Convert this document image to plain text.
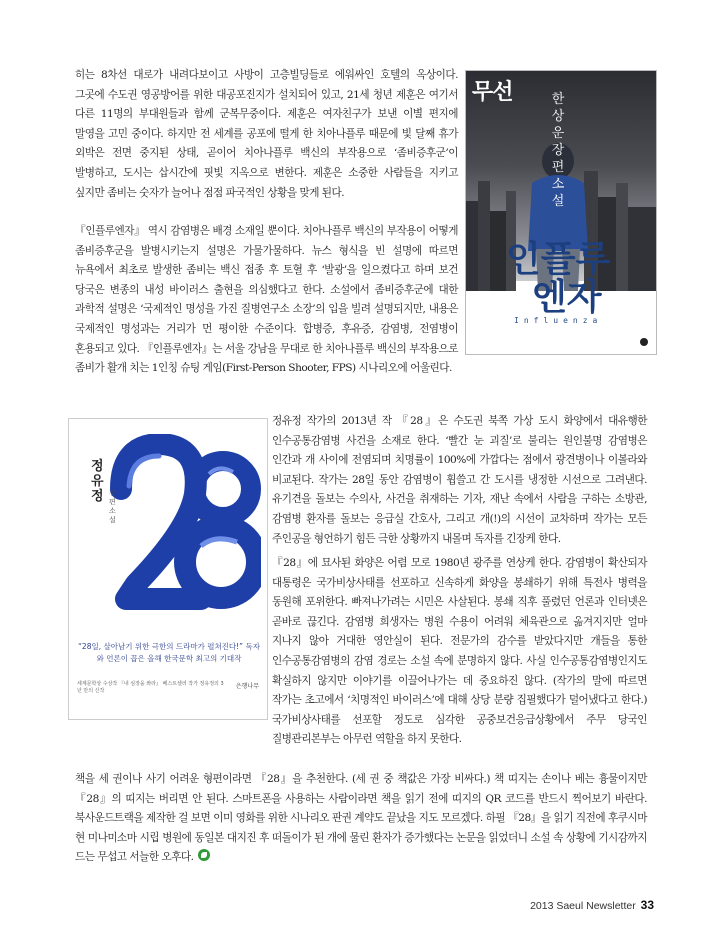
히는 8차선 대로가 내려다보이고 사방이 고층빌딩들로 에워싸인 호텔의 옥상이다. 그곳에 수도권 영공방어를 위한 대공포진지가 설치되어 있고, 21세 청년 제훈은 여기서 다른 11명의 부대원들과 함께 군복무중이다. 제훈은 여자친구가 보낸 이별 편지에 말영을 고민 중이다. 하지만 전 세계를 공포에 떨게 한 치아나플루 때문에 빛 달째 휴가 외박은 전면 중지된 상태, 곧이어 치아나플루 백신의 부작용으로 ‘좀비증후군’이 발병하고, 도시는 삽시간에 핏빛 지옥으로 변한다. 제훈은 소중한 사람들을 지키고 싶지만 좀비는 숫자가 늘어나 점점 파국적인 상황을 맞게 된다.

『인플루엔자』 역시 감염병은 배경 소재일 뿐이다. 치아나플루 백신의 부작용이 어떻게 좀비증후군을 발병시키는지 설명은 가물가물하다. 뉴스 형식을 빈 설명에 따르면 뉴욕에서 최초로 발생한 좀비는 백신 접종 후 토혈 후 ‘발광’을 일으켰다고 하며 보건 당국은 변종의 내성 바이러스 출현을 의심했다고 한다. 소설에서 좀비증후군에 대한 과학적 설명은 ‘국제적인 명성을 가진 질병연구소 소장’의 입을 빌려 설명되지만, 내용은 국제적인 명성과는 거리가 먼 평이한 수준이다. 합병증, 후유증, 감염병, 전염병이 혼용되고 있다. 『인플루엔자』는 서울 강남을 무대로 한 치아나플루 백신의 부작용으로 좀비가 활개 치는 1인칭 슈팅 게임(First-Person Shooter, FPS) 시나리오에 어울린다.

정유정 작가의 2013년 작 『28』은 수도권 북쪽 가상 도시 화양에서 대유행한 인수공통감염병 사건을 소재로 한다. ‘빨간 눈 괴질’로 불리는 원인불명 감염병은 인간과 개 사이에 전염되며 치명률이 100%에 가깝다는 점에서 광견병이나 이볼라와 비교된다. 작가는 28일 동안 감염병이 휩쓸고 간 도시를 냉정한 시선으로 그려낸다. 유기견을 돌보는 수의사, 사건을 취재하는 기자, 재난 속에서 사람을 구하는 소방관, 감염병 환자를 돌보는 응급실 간호사, 그리고 개(!)의 시선이 교차하며 작가는 모든 주인공을 형언하기 힘든 극한 상황까지 내몰며 독자를 긴장케 한다.

『28』에 묘사된 화양은 어렴 모로 1980년 광주를 연상케 한다. 감염병이 확산되자 대통령은 국가비상사태를 선포하고 신속하게 화양을 봉쇄하기 위해 특전사 병력을 동원해 포위한다. 빠져나가려는 시민은 사살된다. 봉쇄 직후 풀렸던 언론과 인터넷은 곧바로 끊긴다. 감염병 희생자는 병원 수용이 어려워 체육관으로 옮겨지지만 얼마 지나지 않아 거대한 영안실이 된다. 전문가의 감수를 받았다지만 개들을 통한 인수공통감염병의 감염 경로는 소설 속에 분명하지 않다. 사실 인수공통감염병인지도 확실하지 않지만 이야기를 이끌어나가는 데 중요하진 않다. (작가의 말에 따르면 작가는 초고에서 ‘치명적인 바이러스’에 대해 상당 분량 집필했다가 덜어냈다고 한다.) 국가비상사태를 선포할 정도로 심각한 공중보건응급상황에서 주무 당국인 질병관리본부는 아무런 역할을 하지 못한다.

책을 세 권이나 사기 어려운 형편이라면 『28』을 추천한다. (세 권 중 책값은 가장 비싸다.) 책 띠지는 손이나 베는 흉물이지만 『28』의 띠지는 버리면 안 된다. 스마트폰을 사용하는 사람이라면 책을 읽기 전에 띠지의 QR 코드를 반드시 찍어보기 바란다. 북사운드트랙을 제작한 걸 보면 이미 영화를 위한 시나리오 판권 계약도 끝났을 지도 모르겠다. 하필 『28』을 읽기 직전에 후쿠시마 현 미나미소마 시립 병원에 동일본 대지진 후 떠돌이가 된 개에 물린 환자가 증가했다는 논문을 읽었더니 소설 속 상황에 기시감까지 드는 무섭고 서늘한 오후다.

무선	한상운 장편소설
인플루
엔자
Influenza
정유정 장편소설
“28일, 살아남기 위한 극한의 드라마가 펼쳐진다!” 독자와 언론이 꼽은 올해 한국문학 최고의 기대작
세계문학상 수상작 『내 심장을 쏴라』 베스트셀러 작가 정유정의 3년 만의 신작
은행나무
2013 Saeul Newsletter 33
